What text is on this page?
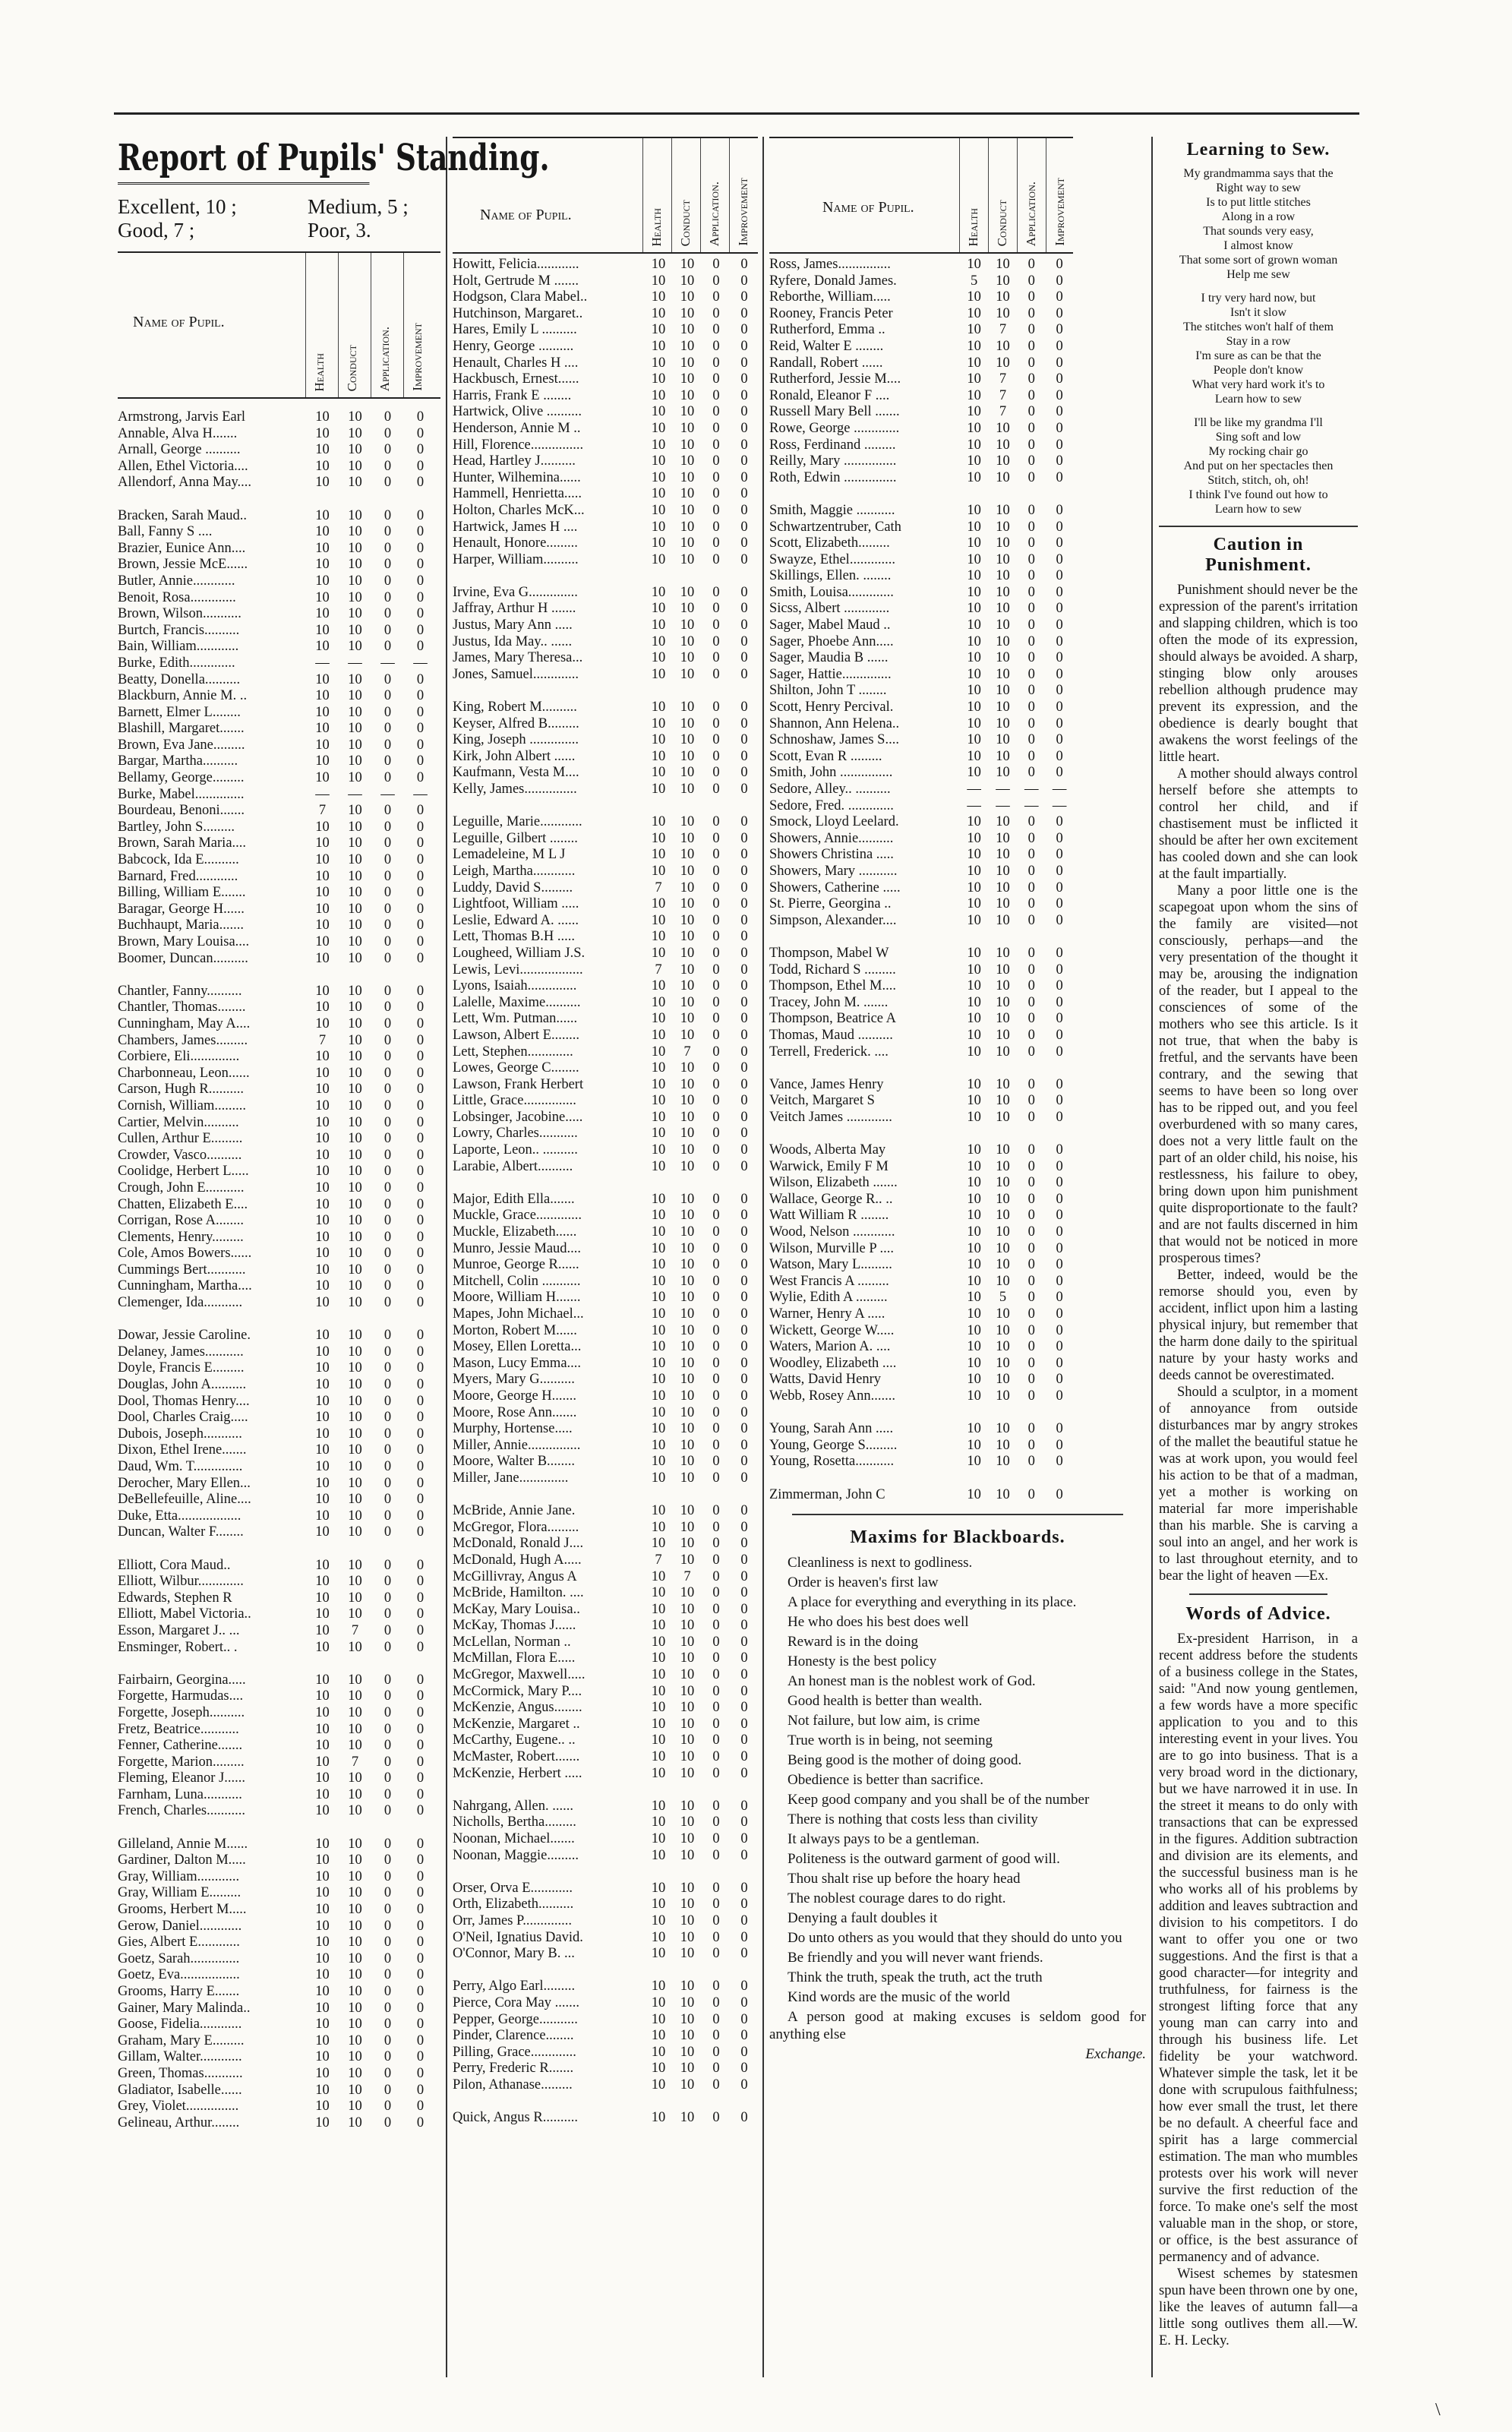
Report of Pupils' Standing.
Excellent, 10 ;	Medium, 5 ;
Good, 7 ;	Poor, 3.
Name of Pupil.
Health Conduct Application. Improvement
Armstrong, Jarvis Earl	10	10	0	0
Annable, Alva H.......	10	10	0	0
Arnall, George ..........	10	10	0	0
Allen, Ethel Victoria....	10	10	0	0
Allendorf, Anna May....	10	10	0	0
Bracken, Sarah Maud..	10	10	0	0
Ball, Fanny S ....	10	10	0	0
Brazier, Eunice Ann....	10	10	0	0
Brown, Jessie McE......	10	10	0	0
Butler, Annie............	10	10	0	0
Benoit, Rosa.............	10	10	0	0
Brown, Wilson...........	10	10	0	0
Burtch, Francis..........	10	10	0	0
Bain, William............	10	10	0	0
Burke, Edith.............	—	—	—	—
Beatty, Donella..........	10	10	0	0
Blackburn, Annie M. ..	10	10	0	0
Barnett, Elmer L........	10	10	0	0
Blashill, Margaret.......	10	10	0	0
Brown, Eva Jane.........	10	10	0	0
Bargar, Martha..........	10	10	0	0
Bellamy, George.........	10	10	0	0
Burke, Mabel..............	—	—	—	—
Bourdeau, Benoni.......	7	10	0	0
Bartley, John S.........	10	10	0	0
Brown, Sarah Maria....	10	10	0	0
Babcock, Ida E..........	10	10	0	0
Barnard, Fred............	10	10	0	0
Billing, William E.......	10	10	0	0
Baragar, George H......	10	10	0	0
Buchhaupt, Maria.......	10	10	0	0
Brown, Mary Louisa....	10	10	0	0
Boomer, Duncan..........	10	10	0	0
Chantler, Fanny..........	10	10	0	0
Chantler, Thomas........	10	10	0	0
Cunningham, May A....	10	10	0	0
Chambers, James.........	7	10	0	0
Corbiere, Eli..............	10	10	0	0
Charbonneau, Leon......	10	10	0	0
Carson, Hugh R..........	10	10	0	0
Cornish, William.........	10	10	0	0
Cartier, Melvin..........	10	10	0	0
Cullen, Arthur E.........	10	10	0	0
Crowder, Vasco..........	10	10	0	0
Coolidge, Herbert L.....	10	10	0	0
Crough, John E...........	10	10	0	0
Chatten, Elizabeth E....	10	10	0	0
Corrigan, Rose A........	10	10	0	0
Clements, Henry.........	10	10	0	0
Cole, Amos Bowers......	10	10	0	0
Cummings Bert...........	10	10	0	0
Cunningham, Martha....	10	10	0	0
Clemenger, Ida...........	10	10	0	0
Dowar, Jessie Caroline.	10	10	0	0
Delaney, James...........	10	10	0	0
Doyle, Francis E.........	10	10	0	0
Douglas, John A..........	10	10	0	0
Dool, Thomas Henry....	10	10	0	0
Dool, Charles Craig.....	10	10	0	0
Dubois, Joseph...........	10	10	0	0
Dixon, Ethel Irene.......	10	10	0	0
Daud, Wm. T..............	10	10	0	0
Derocher, Mary Ellen...	10	10	0	0
DeBellefeuille, Aline....	10	10	0	0
Duke, Etta..................	10	10	0	0
Duncan, Walter F........	10	10	0	0
Elliott, Cora Maud..	10	10	0	0
Elliott, Wilbur.............	10	10	0	0
Edwards, Stephen R	10	10	0	0
Elliott, Mabel Victoria..	10	10	0	0
Esson, Margaret J.. ...	10	7	0	0
Ensminger, Robert.. .	10	10	0	0
Fairbairn, Georgina.....	10	10	0	0
Forgette, Harmudas....	10	10	0	0
Forgette, Joseph..........	10	10	0	0
Fretz, Beatrice...........	10	10	0	0
Fenner, Catherine.......	10	10	0	0
Forgette, Marion.........	10	7	0	0
Fleming, Eleanor J......	10	10	0	0
Farnham, Luna...........	10	10	0	0
French, Charles...........	10	10	0	0
Gilleland, Annie M......	10	10	0	0
Gardiner, Dalton M.....	10	10	0	0
Gray, William............	10	10	0	0
Gray, William E.........	10	10	0	0
Grooms, Herbert M.....	10	10	0	0
Gerow, Daniel............	10	10	0	0
Gies, Albert E............	10	10	0	0
Goetz, Sarah..............	10	10	0	0
Goetz, Eva.................	10	10	0	0
Grooms, Harry E.......	10	10	0	0
Gainer, Mary Malinda..	10	10	0	0
Goose, Fidelia............	10	10	0	0
Graham, Mary E.........	10	10	0	0
Gillam, Walter............	10	10	0	0
Green, Thomas...........	10	10	0	0
Gladiator, Isabelle......	10	10	0	0
Grey, Violet...............	10	10	0	0
Gelineau, Arthur........	10	10	0	0
Name of Pupil.	Health Conduct Application. Improvement
Howitt, Felicia............	10	10	0	0
Holt, Gertrude M .......	10	10	0	0
Hodgson, Clara Mabel..	10	10	0	0
Hutchinson, Margaret..	10	10	0	0
Hares, Emily L ..........	10	10	0	0
Henry, George ..........	10	10	0	0
Henault, Charles H ....	10	10	0	0
Hackbusch, Ernest......	10	10	0	0
Harris, Frank E ........	10	10	0	0
Hartwick, Olive ..........	10	10	0	0
Henderson, Annie M ..	10	10	0	0
Hill, Florence...............	10	10	0	0
Head, Hartley J..........	10	10	0	0
Hunter, Wilhemina......	10	10	0	0
Hammell, Henrietta.....	10	10	0	0
Holton, Charles McK...	10	10	0	0
Hartwick, James H ....	10	10	0	0
Henault, Honore.........	10	10	0	0
Harper, William..........	10	10	0	0
Irvine, Eva G..............	10	10	0	0
Jaffray, Arthur H .......	10	10	0	0
Justus, Mary Ann .....	10	10	0	0
Justus, Ida May.. ......	10	10	0	0
James, Mary Theresa...	10	10	0	0
Jones, Samuel.............	10	10	0	0
King, Robert M..........	10	10	0	0
Keyser, Alfred B.........	10	10	0	0
King, Joseph ..............	10	10	0	0
Kirk, John Albert ......	10	10	0	0
Kaufmann, Vesta M....	10	10	0	0
Kelly, James...............	10	10	0	0
Leguille, Marie............	10	10	0	0
Leguille, Gilbert ........	10	10	0	0
Lemadeleine, M L J	10	10	0	0
Leigh, Martha............	10	10	0	0
Luddy, David S.........	7	10	0	0
Lightfoot, William .....	10	10	0	0
Leslie, Edward A. ......	10	10	0	0
Lett, Thomas B.H .....	10	10	0	0
Lougheed, William J.S.	10	10	0	0
Lewis, Levi..................	7	10	0	0
Lyons, Isaiah..............	10	10	0	0
Lalelle, Maxime..........	10	10	0	0
Lett, Wm. Putman......	10	10	0	0
Lawson, Albert E........	10	10	0	0
Lett, Stephen.............	10	7	0	0
Lowes, George C........	10	10	0	0
Lawson, Frank Herbert	10	10	0	0
Little, Grace...............	10	10	0	0
Lobsinger, Jacobine.....	10	10	0	0
Lowry, Charles...........	10	10	0	0
Laporte, Leon.. ..........	10	10	0	0
Larabie, Albert..........	10	10	0	0
Major, Edith Ella.......	10	10	0	0
Muckle, Grace.............	10	10	0	0
Muckle, Elizabeth......	10	10	0	0
Munro, Jessie Maud....	10	10	0	0
Munroe, George R......	10	10	0	0
Mitchell, Colin ...........	10	10	0	0
Moore, William H.......	10	10	0	0
Mapes, John Michael...	10	10	0	0
Morton, Robert M......	10	10	0	0
Mosey, Ellen Loretta...	10	10	0	0
Mason, Lucy Emma....	10	10	0	0
Myers, Mary G..........	10	10	0	0
Moore, George H.......	10	10	0	0
Moore, Rose Ann.......	10	10	0	0
Murphy, Hortense.....	10	10	0	0
Miller, Annie...............	10	10	0	0
Moore, Walter B........	10	10	0	0
Miller, Jane..............	10	10	0	0
McBride, Annie Jane.	10	10	0	0
McGregor, Flora.........	10	10	0	0
McDonald, Ronald J....	10	10	0	0
McDonald, Hugh A.....	7	10	0	0
McGillivray, Angus A	10	7	0	0
McBride, Hamilton. ....	10	10	0	0
McKay, Mary Louisa..	10	10	0	0
McKay, Thomas J......	10	10	0	0
McLellan, Norman ..	10	10	0	0
McMillan, Flora E.....	10	10	0	0
McGregor, Maxwell.....	10	10	0	0
McCormick, Mary P....	10	10	0	0
McKenzie, Angus........	10	10	0	0
McKenzie, Margaret ..	10	10	0	0
McCarthy, Eugene.. ..	10	10	0	0
McMaster, Robert.......	10	10	0	0
McKenzie, Herbert .....	10	10	0	0
Nahrgang, Allen. ......	10	10	0	0
Nicholls, Bertha.........	10	10	0	0
Noonan, Michael.......	10	10	0	0
Noonan, Maggie.........	10	10	0	0
Orser, Orva E............	10	10	0	0
Orth, Elizabeth..........	10	10	0	0
Orr, James P..............	10	10	0	0
O'Neil, Ignatius David.	10	10	0	0
O'Connor, Mary B. ...	10	10	0	0
Perry, Algo Earl.........	10	10	0	0
Pierce, Cora May .......	10	10	0	0
Pepper, George...........	10	10	0	0
Pinder, Clarence........	10	10	0	0
Pilling, Grace.............	10	10	0	0
Perry, Frederic R.......	10	10	0	0
Pilon, Athanase.........	10	10	0	0
Quick, Angus R..........	10	10	0	0
Name of Pupil.
Health Conduct Application. Improvement
Ross, James...............	10	10	0	0
Ryfere, Donald James.	5	10	0	0
Reborthe, William.....	10	10	0	0
Rooney, Francis Peter	10	10	0	0
Rutherford, Emma ..	10	7	0	0
Reid, Walter E ........	10	10	0	0
Randall, Robert ......	10	10	0	0
Rutherford, Jessie M....	10	7	0	0
Ronald, Eleanor F ....	10	7	0	0
Russell Mary Bell .......	10	7	0	0
Rowe, George .............	10	10	0	0
Ross, Ferdinand .........	10	10	0	0
Reilly, Mary ...............	10	10	0	0
Roth, Edwin ...............	10	10	0	0
Smith, Maggie ...........	10	10	0	0
Schwartzentruber, Cath	10	10	0	0
Scott, Elizabeth.........	10	10	0	0
Swayze, Ethel.............	10	10	0	0
Skillings, Ellen. ........	10	10	0	0
Smith, Louisa.............	10	10	0	0
Sicss, Albert .............	10	10	0	0
Sager, Mabel Maud ..	10	10	0	0
Sager, Phoebe Ann.....	10	10	0	0
Sager, Maudia B ......	10	10	0	0
Sager, Hattie..............	10	10	0	0
Shilton, John T ........	10	10	0	0
Scott, Henry Percival.	10	10	0	0
Shannon, Ann Helena..	10	10	0	0
Schnoshaw, James S....	10	10	0	0
Scott, Evan R .........	10	10	0	0
Smith, John ...............	10	10	0	0
Sedore, Alley.. ..........	—	—	— —
Sedore, Fred. .............	—	—	— —
Smock, Lloyd Leelard.	10	10	0	0
Showers, Annie..........	10	10	0	0
Showers Christina .....	10	10	0	0
Showers, Mary ...........	10	10	0	0
Showers, Catherine .....	10	10	0	0
St. Pierre, Georgina ..	10	10	0	0
Simpson, Alexander....	10	10	0	0
Thompson, Mabel W	10	10	0	0
Todd, Richard S .........	10	10	0	0
Thompson, Ethel M....	10	10	0	0
Tracey, John M. .......	10	10	0	0
Thompson, Beatrice A	10	10	0	0
Thomas, Maud ..........	10	10	0	0
Terrell, Frederick. ....	10	10	0	0
Vance, James Henry	10	10	0	0
Veitch, Margaret S	10	10	0	0
Veitch James .............	10	10	0	0
Woods, Alberta May	10	10	0	0
Warwick, Emily F M	10	10	0	0
Wilson, Elizabeth .......	10	10	0	0
Wallace, George R.. ..	10	10	0	0
Watt William R ........	10	10	0	0
Wood, Nelson ............	10	10	0	0
Wilson, Murville P ....	10	10	0	0
Watson, Mary L.........	10	10	0	0
West Francis A .........	10	10	0	0
Wylie, Edith A .........	10	5	0	0
Warner, Henry A .....	10	10	0	0
Wickett, George W.....	10	10	0	0
Waters, Marion A. ....	10	10	0	0
Woodley, Elizabeth ....	10	10	0	0
Watts, David Henry	10	10	0	0
Webb, Rosey Ann.......	10	10	0	0
Young, Sarah Ann .....	10	10	0	0
Young, George S.........	10	10	0	0
Young, Rosetta...........	10	10	0	0
Zimmerman, John C	10	10	0	0
Maxims for Blackboards.

Cleanliness is next to godliness.

Order is heaven's first law

A place for everything and everything in its place.

He who does his best does well

Reward is in the doing

Honesty is the best policy

An honest man is the noblest work of God.

Good health is better than wealth.

Not failure, but low aim, is crime

True worth is in being, not seeming

Being good is the mother of doing good.

Obedience is better than sacrifice.

Keep good company and you shall be of the number

There is nothing that costs less than civility

It always pays to be a gentleman.

Politeness is the outward garment of good will.

Thou shalt rise up before the hoary head

The noblest courage dares to do right.

Denying a fault doubles it

Do unto others as you would that they should do unto you

Be friendly and you will never want friends.

Think the truth, speak the truth, act the truth

Kind words are the music of the world

A person good at making excuses is seldom good for anything else

Exchange.

Learning to Sew.

My grandmamma says that the
Right way to sew
Is to put little stitches
Along in a row
That sounds very easy,
I almost know
That some sort of grown woman
Help me sew

I try very hard now, but
Isn't it slow
The stitches won't half of them
Stay in a row
I'm sure as can be that the
People don't know
What very hard work it's to
Learn how to sew

I'll be like my grandma I'll
Sing soft and low
My rocking chair go
And put on her spectacles then
Stitch, stitch, oh, oh!
I think I've found out how to
Learn how to sew

Caution in Punishment.

Punishment should never be the expression of the parent's irritation and slapping children, which is too often the mode of its expression, should always be avoided. A sharp, stinging blow only arouses rebellion although prudence may prevent its expression, and the obedience is dearly bought that awakens the worst feelings of the little heart.

A mother should always control herself before she attempts to control her child, and if chastisement must be inflicted it should be after her own excitement has cooled down and she can look at the fault impartially.

Many a poor little one is the scapegoat upon whom the sins of the family are visited—not consciously, perhaps—and the very presentation of the thought it may be, arousing the indignation of the reader, but I appeal to the consciences of some of the mothers who see this article. Is it not true, that when the baby is fretful, and the servants have been contrary, and the sewing that seems to have been so long over has to be ripped out, and you feel overburdened with so many cares, does not a very little fault on the part of an older child, his noise, his restlessness, his failure to obey, bring down upon him punishment quite disproportionate to the fault? and are not faults discerned in him that would not be noticed in more prosperous times?

Better, indeed, would be the remorse should you, even by accident, inflict upon him a lasting physical injury, but remember that the harm done daily to the spiritual nature by your hasty works and deeds cannot be overestimated.

Should a sculptor, in a moment of annoyance from outside disturbances mar by angry strokes of the mallet the beautiful statue he was at work upon, you would feel his action to be that of a madman, yet a mother is working on material far more imperishable than his marble. She is carving a soul into an angel, and her work is to last throughout eternity, and to bear the light of heaven —Ex.

Words of Advice.

Ex-president Harrison, in a recent address before the students of a business college in the States, said: "And now young gentlemen, a few words have a more specific application to you and to this interesting event in your lives. You are to go into business. That is a very broad word in the dictionary, but we have narrowed it in use. In the street it means to do only with transactions that can be expressed in the figures. Addition subtraction and division are its elements, and the successful business man is he who works all of his problems by addition and leaves subtraction and division to his competitors. I do want to offer you one or two suggestions. And the first is that a good character—for integrity and truthfulness, for fairness is the strongest lifting force that any young man can carry into and through his business life. Let fidelity be your watchword. Whatever simple the task, let it be done with scrupulous faithfulness; how ever small the trust, let there be no default. A cheerful face and spirit has a large commercial estimation. The man who mumbles protests over his work will never survive the first reduction of the force. To make one's self the most valuable man in the shop, or store, or office, is the best assurance of permanency and of advance.

Wisest schemes by statesmen spun have been thrown one by one, like the leaves of autumn fall—a little song outlives them all.—W. E. H. Lecky.

\
